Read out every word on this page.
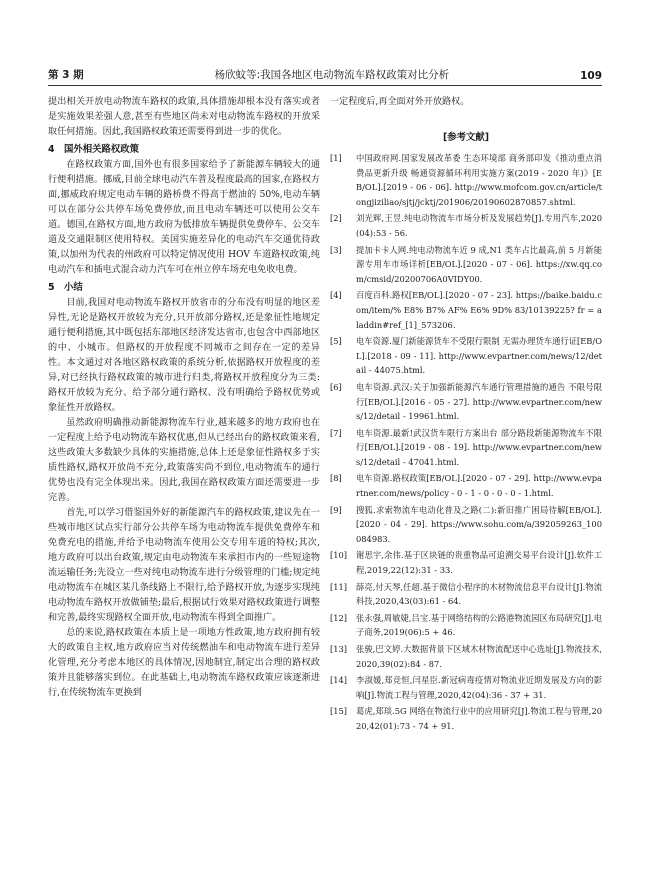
第 3 期	杨欣蚊等:我国各地区电动物流车路权政策对比分析	109

提出相关开放电动物流车路权的政策,具体措施却根本没有落实或者是实施效果差强人意,甚至有些地区尚未对电动物流车路权的开放采取任何措施。因此,我国路权政策还需要得到进一步的优化。

4 国外相关路权政策

在路权政策方面,国外也有很多国家给予了新能源车辆较大的通行便利措施。挪威,目前全球电动汽车普及程度最高的国家,在路权方面,挪威政府规定电动车辆的路桥费不得高于燃油的 50%,电动车辆可以在部分公共停车场免费停放,而且电动车辆还可以使用公交车道。德国,在路权方面,地方政府为低排放车辆提供免费停车、公交车道及交通限制区使用特权。美国实施差异化的电动汽车交通优待政策,以加州为代表的州政府可以特定情况使用 HOV 车道路权政策,纯电动汽车和插电式混合动力汽车可在州立停车场充电免收电费。

5 小结

目前,我国对电动物流车路权开放省市的分布没有明显的地区差异性,无论是路权开放较为充分,只开放部分路权,还是象征性地规定通行便利措施,其中既包括东部地区经济发达省市,也包含中西部地区的中、小城市。但路权的开放程度不同城市之间存在一定的差异性。本文通过对各地区路权政策的系统分析,依据路权开放程度的差异,对已经执行路权政策的城市进行归类,将路权开放程度分为三类:路权开放较为充分、给予部分通行路权、没有明确给予路权优势或象征性开放路权。

虽然政府明确推动新能源物流车行业,越来越多的地方政府也在一定程度上给予电动物流车路权优惠,但从已经出台的路权政策来看,这些政策大多数缺少具体的实施措施,总体上还是象征性路权多于实质性路权,路权开放尚不充分,政策落实尚不到位,电动物流车的通行优势也没有完全体现出来。因此,我国在路权政策方面还需要进一步完善。

首先,可以学习借鉴国外好的新能源汽车的路权政策,建议先在一些城市地区试点实行部分公共停车场为电动物流车提供免费停车和免费充电的措施,并给予电动物流车使用公交专用车道的特权;其次,地方政府可以出台政策,规定由电动物流车来承担市内的一些短途物流运输任务;先设立一些对纯电动物流车进行分级管理的门槛;规定纯电动物流车在城区某几条线路上不限行,给予路权开放,为逐步实现纯电动物流车路权开放做铺垫;最后,根据试行效果对路权政策进行调整和完善,最终实现路权全面开放,电动物流车得到全面推广。

总的来说,路权政策在本质上是一项地方性政策,地方政府拥有较大的政策自主权,地方政府应当对传统燃油车和电动物流车进行差异化管理,充分考虑本地区的具体情况,因地制宜,制定出合理的路权政策并且能够落实到位。在此基础上,电动物流车路权政策应该逐渐进行,在传统物流车更换到

一定程度后,再全面对外开放路权。

[参考文献]
[1]	中国政府网.国家发展改革委 生态环境部 商务部印发《推动重点消费品更新升级 畅通资源循环利用实施方案(2019 - 2020 年)》[EB/OL].[2019 - 06 - 06]. http://www.mofcom.gov.cn/article/tongjiziliao/sjtj/jcktj/201906/20190602870857.shtml.
[2]	刘光辉,王昱.纯电动物流车市场分析及发展趋势[J].专用汽车,2020(04):53 - 56.
[3]	提加卡卡人网.纯电动物流车近 9 成,N1 类车占比最高,前 5 月新能源专用车市场详析[EB/OL].[2020 - 07 - 06]. https://xw.qq.com/cmsid/20200706A0VIDY00.
[4]	百度百科.路权[EB/OL].[2020 - 07 - 23]. https://baike.baidu.com/item/% E8% B7% AF% E6% 9D% 83/10139225? fr = aladdin#ref_[1]_573206.
[5]	电车资源.厦门新能源货车不受限行限制 无需办理货车通行证[EB/OL].[2018 - 09 - 11]. http://www.evpartner.com/news/12/detail - 44075.html.
[6]	电车资源.武汉:关于加强新能源汽车通行管理措施的通告 不限号限行[EB/OL].[2016 - 05 - 27]. http://www.evpartner.com/news/12/detail - 19961.html.
[7]	电车资源.最新!武汉货车限行方案出台 部分路段新能源物流车不限行[EB/OL].[2019 - 08 - 19]. http://www.evpartner.com/news/12/detail - 47041.html.
[8]	电车资源.路权政策[EB/OL].[2020 - 07 - 29]. http://www.evpartner.com/news/policy - 0 - 1 - 0 - 0 - 0 - 1.html.
[9]	搜狐.求索物流车电动化普及之路(二):新旧推广困局待解[EB/OL].[2020 - 04 - 29]. https://www.sohu.com/a/392059263_100084983.
[10]	谢思宇,余伟.基于区块链的贵重物品可追溯交易平台设计[J].软件工程,2019,22(12):31 - 33.
[11]	薛亮,付天琴,任超.基于微信小程序的木材物流信息平台设计[J].物流科技,2020,43(03):61 - 64.
[12]	张永强,周敏婕,吕宝.基于网络结构的公路港物流园区布局研究[J].电子商务,2019(06):5 + 46.
[13]	张骏,巴文婷.大数据背景下区域木材物流配送中心选址[J].物流技术,2020,39(02):84 - 87.
[14]	李淑媛,郑竞恒,闫星臣.新冠病毒疫情对物流业近期发展及方向的影响[J].物流工程与管理,2020,42(04):36 - 37 + 31.
[15]	葛虎,郑琰.5G 网络在物流行业中的应用研究[J].物流工程与管理,2020,42(01):73 - 74 + 91.
